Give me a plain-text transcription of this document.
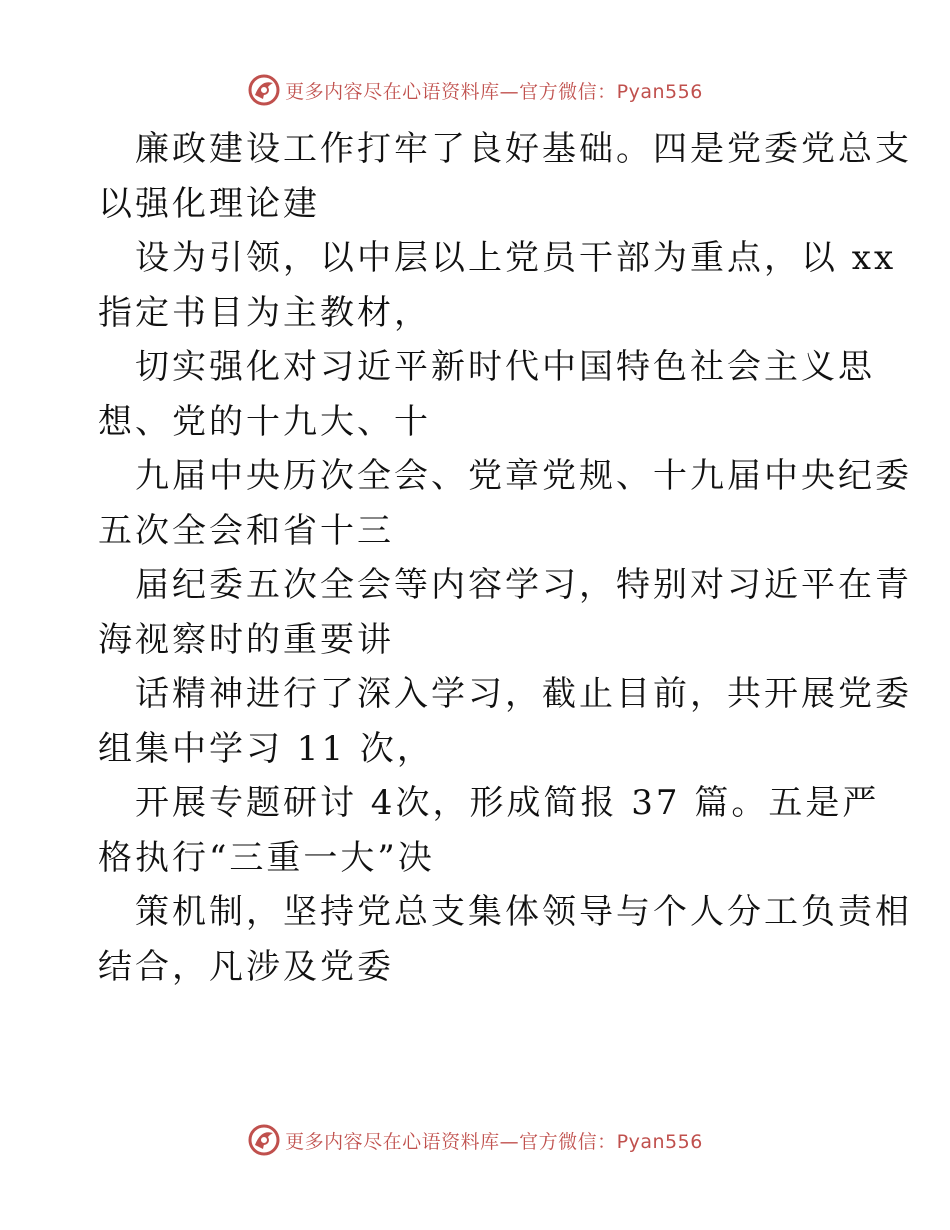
更多内容尽在心语资料库—官方微信：Pyan556
廉政建设工作打牢了良好基础。四是党委党总支
以强化理论建
设为引领，以中层以上党员干部为重点，以 xx
指定书目为主教材，
切实强化对习近平新时代中国特色社会主义思
想、党的十九大、十
九届中央历次全会、党章党规、十九届中央纪委
五次全会和省十三
届纪委五次全会等内容学习，特别对习近平在青
海视察时的重要讲
话精神进行了深入学习，截止目前，共开展党委
组集中学习 11 次，
开展专题研讨 4次，形成简报 37 篇。五是严
格执行“三重一大”决
策机制，坚持党总支集体领导与个人分工负责相
结合，凡涉及党委
更多内容尽在心语资料库—官方微信：Pyan556
